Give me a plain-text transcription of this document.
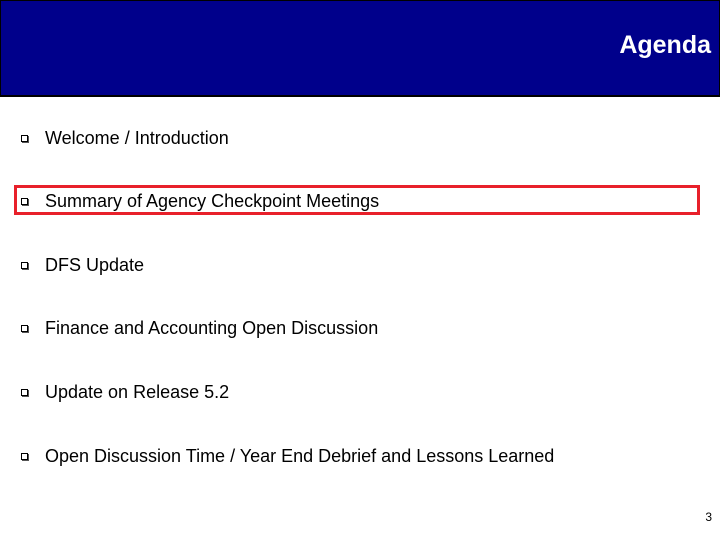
Agenda
Welcome / Introduction
Summary of Agency Checkpoint Meetings
DFS Update
Finance and Accounting Open Discussion
Update on Release 5.2
Open Discussion Time / Year End Debrief and Lessons Learned
3
